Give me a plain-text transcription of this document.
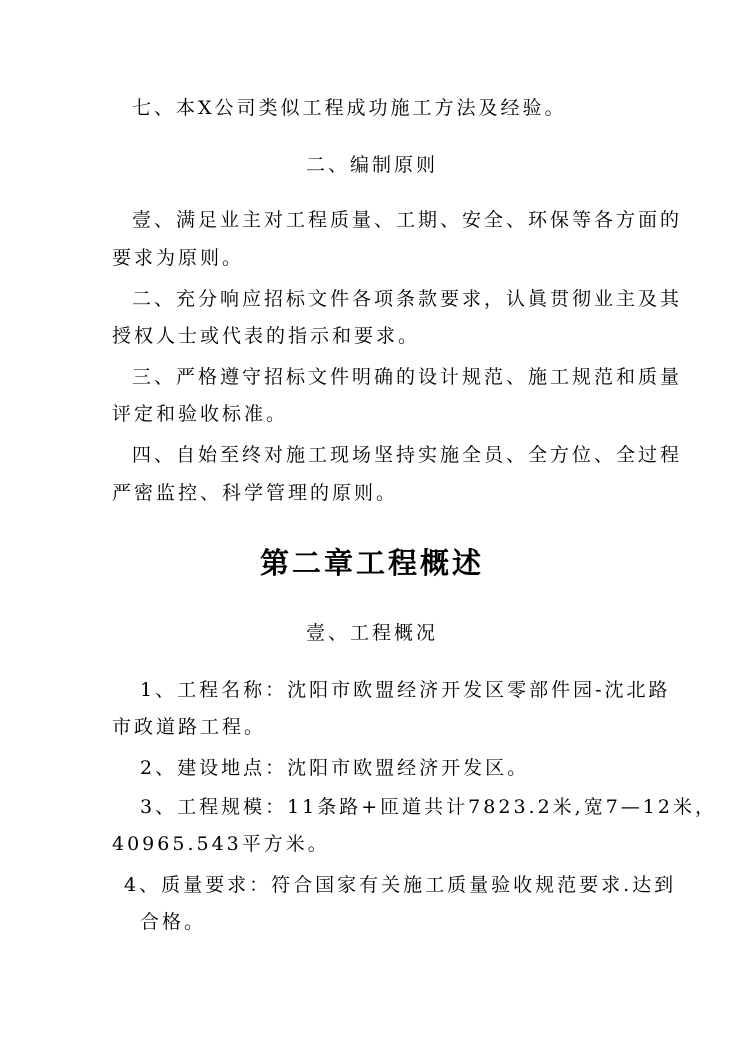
七、本X公司类似工程成功施工方法及经验。
二、编制原则
壹、满足业主对工程质量、工期、安全、环保等各方面的
要求为原则。
二、充分响应招标文件各项条款要求，认眞贯彻业主及其
授权人士或代表的指示和要求。
三、严格遵守招标文件明确的设计规范、施工规范和质量
评定和验收标准。
四、自始至终对施工现场坚持实施全员、全方位、全过程
严密监控、科学管理的原则。
第二章工程概述
壹、工程概况
1、工程名称：沈阳市欧盟经济开发区零部件园-沈北路
市政道路工程。
2、建设地点：沈阳市欧盟经济开发区。
3、工程规模：11条路+匝道共计7823.2米,宽7—12米，
40965.543平方米。
4、质量要求：符合国家有关施工质量验收规范要求.达到
合格。
